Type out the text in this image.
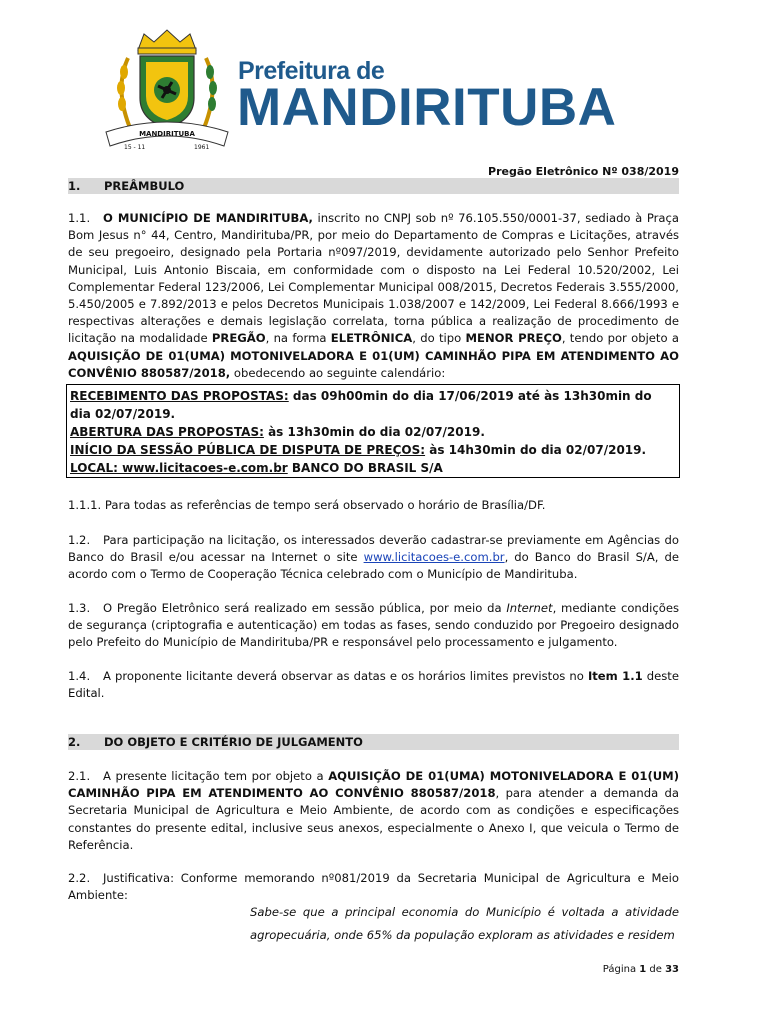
MANDIRITUBA
15 - 11	1961
Prefeitura de
MANDIRITUBA
Pregão Eletrônico Nº 038/2019
1. PREÂMBULO
1.1. O MUNICÍPIO DE MANDIRITUBA, inscrito no CNPJ sob nº 76.105.550/0001-37, sediado à Praça Bom Jesus n° 44, Centro, Mandirituba/PR, por meio do Departamento de Compras e Licitações, através de seu pregoeiro, designado pela Portaria nº097/2019, devidamente autorizado pelo Senhor Prefeito Municipal, Luis Antonio Biscaia, em conformidade com o disposto na Lei Federal 10.520/2002, Lei Complementar Federal 123/2006, Lei Complementar Municipal 008/2015, Decretos Federais 3.555/2000, 5.450/2005 e 7.892/2013 e pelos Decretos Municipais 1.038/2007 e 142/2009, Lei Federal 8.666/1993 e respectivas alterações e demais legislação correlata, torna pública a realização de procedimento de licitação na modalidade PREGÃO, na forma ELETRÔNICA, do tipo MENOR PREÇO, tendo por objeto a AQUISIÇÃO DE 01(UMA) MOTONIVELADORA E 01(UM) CAMINHÃO PIPA EM ATENDIMENTO AO CONVÊNIO 880587/2018, obedecendo ao seguinte calendário:
RECEBIMENTO DAS PROPOSTAS: das 09h00min do dia 17/06/2019 até às 13h30min do dia 02/07/2019.
ABERTURA DAS PROPOSTAS: às 13h30min do dia 02/07/2019.
INÍCIO DA SESSÃO PÚBLICA DE DISPUTA DE PREÇOS: às 14h30min do dia 02/07/2019.
LOCAL: www.licitacoes-e.com.br BANCO DO BRASIL S/A
1.1.1. Para todas as referências de tempo será observado o horário de Brasília/DF.
1.2. Para participação na licitação, os interessados deverão cadastrar-se previamente em Agências do Banco do Brasil e/ou acessar na Internet o site www.licitacoes-e.com.br, do Banco do Brasil S/A, de acordo com o Termo de Cooperação Técnica celebrado com o Município de Mandirituba.
1.3. O Pregão Eletrônico será realizado em sessão pública, por meio da Internet, mediante condições de segurança (criptografia e autenticação) em todas as fases, sendo conduzido por Pregoeiro designado pelo Prefeito do Município de Mandirituba/PR e responsável pelo processamento e julgamento.
1.4. A proponente licitante deverá observar as datas e os horários limites previstos no Item 1.1 deste Edital.
2. DO OBJETO E CRITÉRIO DE JULGAMENTO
2.1. A presente licitação tem por objeto a AQUISIÇÃO DE 01(UMA) MOTONIVELADORA E 01(UM) CAMINHÃO PIPA EM ATENDIMENTO AO CONVÊNIO 880587/2018, para atender a demanda da Secretaria Municipal de Agricultura e Meio Ambiente, de acordo com as condições e especificações constantes do presente edital, inclusive seus anexos, especialmente o Anexo I, que veicula o Termo de Referência.
2.2. Justificativa: Conforme memorando nº081/2019 da Secretaria Municipal de Agricultura e Meio Ambiente:
Sabe-se que a principal economia do Município é voltada a atividade agropecuária, onde 65% da população exploram as atividades e residem
Página 1 de 33
